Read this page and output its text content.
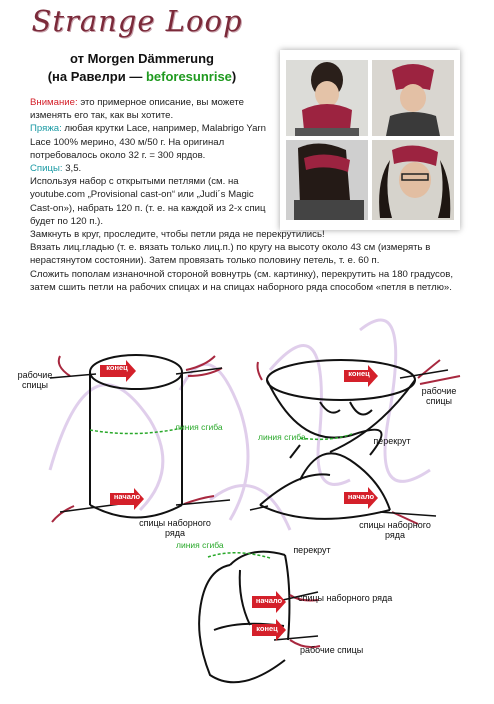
Strange Loop
от Morgen Dämmerung
(на Равелри — beforesunrise)

Внимание: это примерное описание, вы можете изменять его так, как вы хотите.

Пряжа: любая крутки Lace, например, Malabrigo Yarn Lace 100% мерино, 430 м/50 г. На оригинал потребовалось около 32 г. = 300 ярдов.

Спицы: 3,5.

Используя набор с открытыми петлями (см. на youtube.com „Provisional cast-on“ или „Judi´s Magic Cast-on»), набрать 120 п. (т. е. на каждой из 2-х спиц будет по 120 п.).

Замкнуть в круг, проследите, чтобы петли ряда не перекрутились!

Вязать лиц.гладью (т. е. вязать только лиц.п.) по кругу на высоту около 43 см (измерять в нерастянутом состоянии). Затем провязать только половину петель, т. е. 60 п.

Сложить пополам изнаночной стороной вовнутрь (см. картинку), перекрутить на 180 градусов, затем сшить петли на рабочих спицах и на спицах наборного ряда способом «петля в петлю».

рабочие спицы
конец
линия сгиба
начало
спицы наборного ряда
конец
рабочие спицы
линия сгиба	перекрут
начало
спицы наборного ряда
линия сгиба	перекрут
начало	спицы наборного ряда
конец
рабочие спицы
